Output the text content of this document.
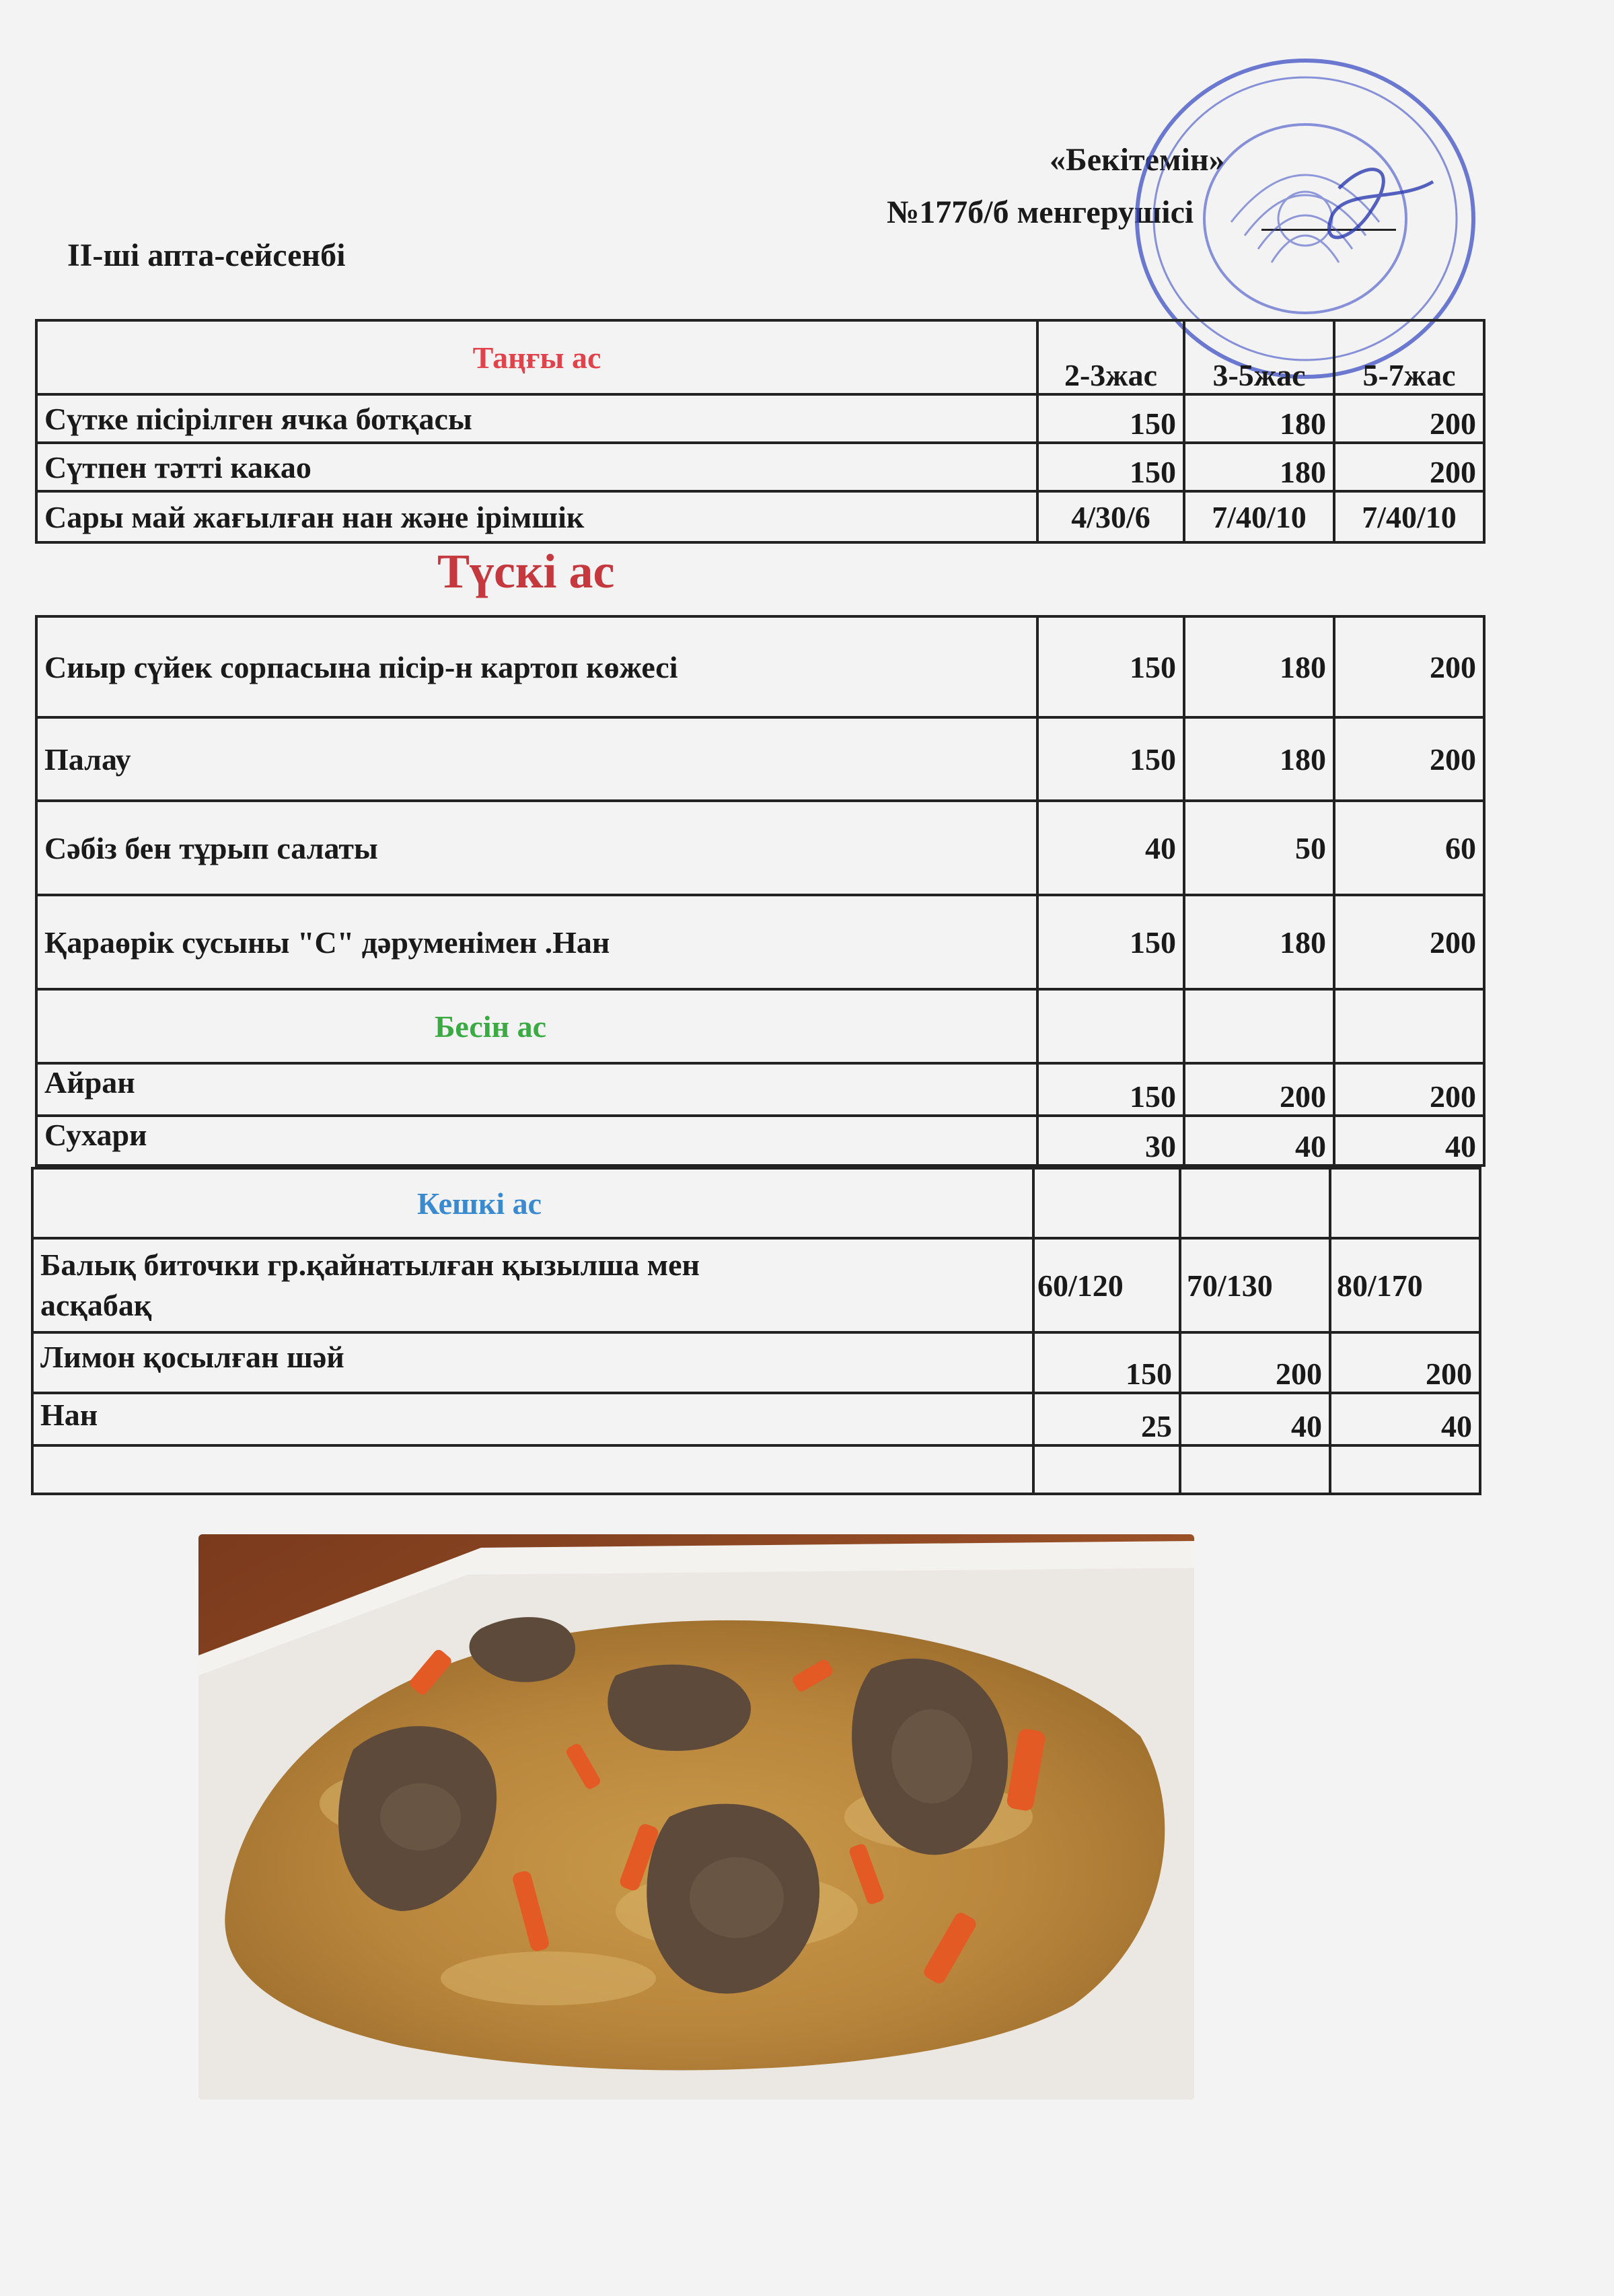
«Бекітемін»
№177б/б менгерушісі
ІІ-ші апта-сейсенбі
Таңғы ас	2-3жас	3-5жас	5-7жас
Сүтке пісірілген ячка ботқасы	150	180	200
Сүтпен тәтті какао	150	180	200
Сары май жағылған нан және ірімшік	4/30/6	7/40/10	7/40/10
Түскі ас
Сиыр сүйек сорпасына пісір-н картоп көжесі	150	180	200
Палау	150	180	200
Сәбіз бен тұрып салаты	40	50	60
Қараөрік сусыны "С" дәруменімен .Нан	150	180	200
Бесін ас			
Айран	150	200	200
Сухари	30	40	40
Кешкі ас			

Балық биточки гр.қайнатылған қызылша мен
асқабақ	60/120	70/130	80/170
Лимон қосылған шәй	150	200	200
Нан	25	40	40
